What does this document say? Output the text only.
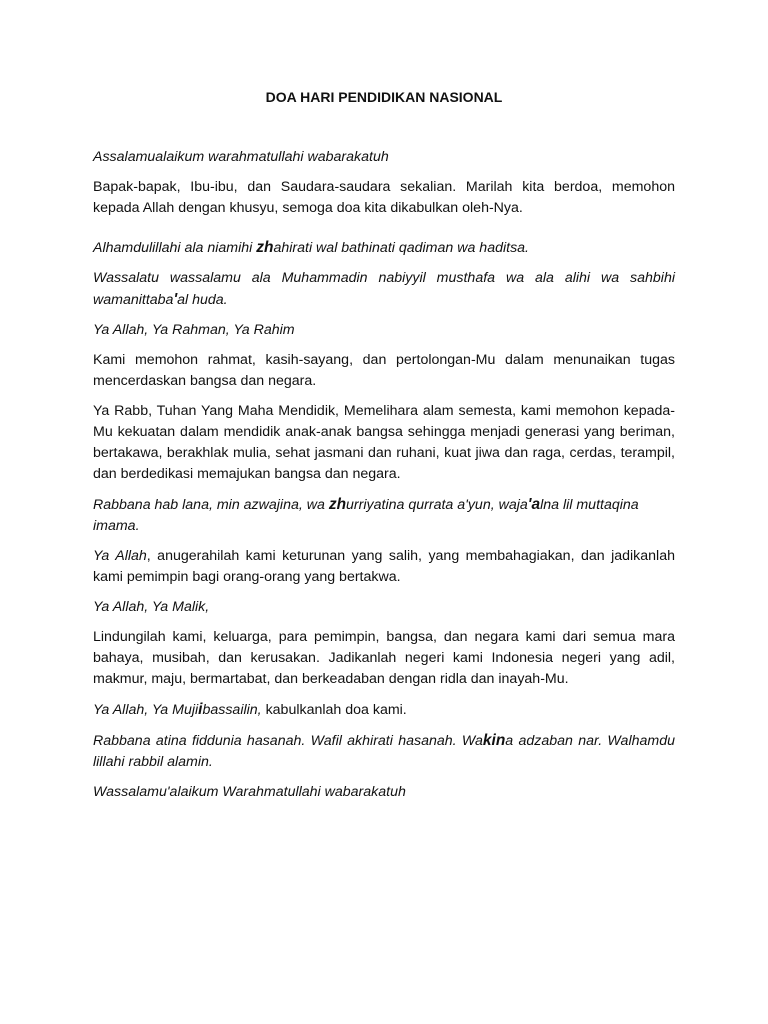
DOA HARI PENDIDIKAN NASIONAL

Assalamualaikum warahmatullahi wabarakatuh

Bapak-bapak, Ibu-ibu, dan Saudara-saudara sekalian. Marilah kita berdoa, memohon kepada Allah dengan khusyu, semoga doa kita dikabulkan oleh-Nya.

Alhamdulillahi ala niamihi zhahirati wal bathinati qadiman wa haditsa.

Wassalatu wassalamu ala Muhammadin nabiyyil musthafa wa ala alihi wa sahbihi wamanittaba'al huda.

Ya Allah, Ya Rahman, Ya Rahim

Kami memohon rahmat, kasih-sayang, dan pertolongan-Mu dalam menunaikan tugas mencerdaskan bangsa dan negara.

Ya Rabb, Tuhan Yang Maha Mendidik, Memelihara alam semesta, kami memohon kepada-Mu kekuatan dalam mendidik anak-anak bangsa sehingga menjadi generasi yang beriman, bertakawa, berakhlak mulia, sehat jasmani dan ruhani, kuat jiwa dan raga, cerdas, terampil, dan berdedikasi memajukan bangsa dan negara.

Rabbana hab lana, min azwajina, wa zhurriyatina qurrata a'yun, waja'alna lil muttaqina imama.

Ya Allah, anugerahilah kami keturunan yang salih, yang membahagiakan, dan jadikanlah kami pemimpin bagi orang-orang yang bertakwa.

Ya Allah, Ya Malik,

Lindungilah kami, keluarga, para pemimpin, bangsa, dan negara kami dari semua mara bahaya, musibah, dan kerusakan. Jadikanlah negeri kami Indonesia negeri yang adil, makmur, maju, bermartabat, dan berkeadaban dengan ridla dan inayah-Mu.

Ya Allah, Ya Mujiibassailin, kabulkanlah doa kami.

Rabbana atina fiddunia hasanah. Wafil akhirati hasanah. Wakina adzaban nar. Walhamdu lillahi rabbil alamin.

Wassalamu'alaikum Warahmatullahi wabarakatuh
